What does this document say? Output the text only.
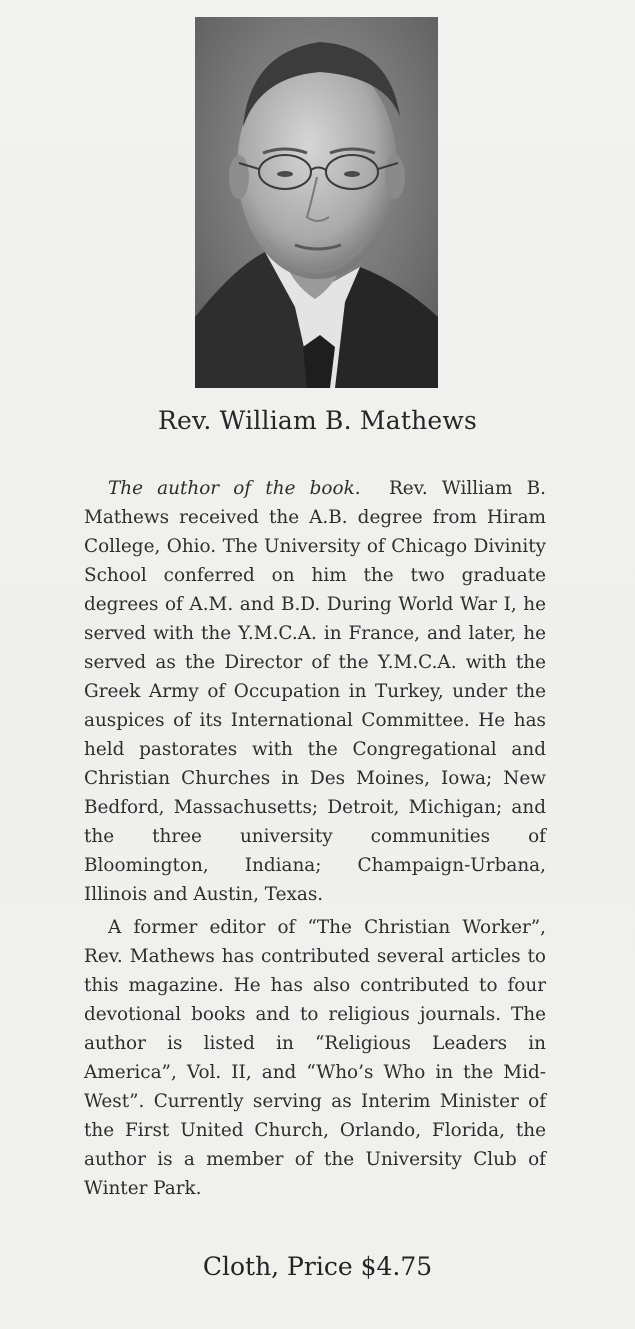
Rev. William B. Mathews

The author of the book. Rev. William B. Mathews received the A.B. degree from Hiram College, Ohio. The University of Chicago Divinity School conferred on him the two graduate degrees of A.M. and B.D. During World War I, he served with the Y.M.C.A. in France, and later, he served as the Director of the Y.M.C.A. with the Greek Army of Occupation in Turkey, under the auspices of its International Committee. He has held pastorates with the Congregational and Christian Churches in Des Moines, Iowa; New Bedford, Massachusetts; Detroit, Michigan; and the three university communities of Bloomington, Indiana; Champaign-Urbana, Illinois and Austin, Texas.

A former editor of “The Christian Worker”, Rev. Mathews has contributed several articles to this magazine. He has also contributed to four devotional books and to religious journals. The author is listed in “Religious Leaders in America”, Vol. II, and “Who’s Who in the Mid-West”. Currently serving as Interim Minister of the First United Church, Orlando, Florida, the author is a member of the University Club of Winter Park.

Cloth, Price $4.75
